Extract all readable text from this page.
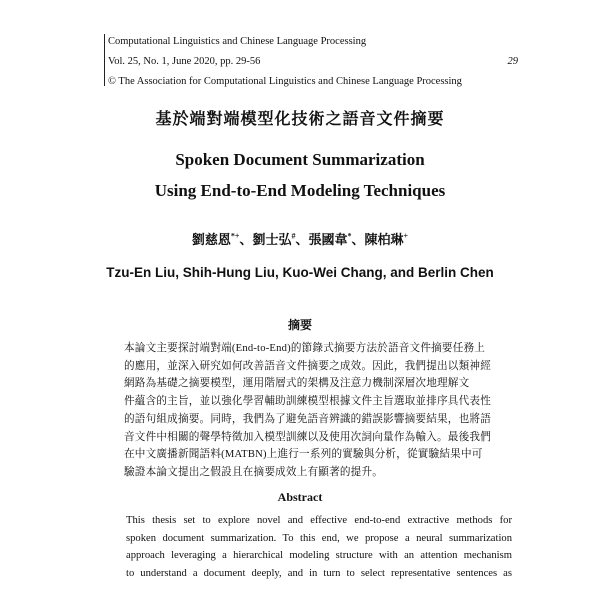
Computational Linguistics and Chinese Language Processing
Vol. 25, No. 1, June 2020, pp. 29-56	29
© The Association for Computational Linguistics and Chinese Language Processing
基於端對端模型化技術之語音文件摘要
Spoken Document Summarization
Using End-to-End Modeling Techniques
劉慈恩*+、劉士弘#、張國韋*、陳柏琳+
Tzu-En Liu, Shih-Hung Liu, Kuo-Wei Chang, and Berlin Chen
摘要
本論文主要探討端對端(End-to-End)的節錄式摘要方法於語音文件摘要任務上
的應用，並深入研究如何改善語音文件摘要之成效。因此，我們提出以類神經
網路為基礎之摘要模型，運用階層式的架構及注意力機制深層次地理解文
件蘊含的主旨，並以強化學習輔助訓練模型根據文件主旨選取並排序具代表性
的語句組成摘要。同時，我們為了避免語音辨識的錯誤影響摘要結果，也將語
音文件中相關的聲學特徵加入模型訓練以及使用次詞向量作為輸入。最後我們
在中文廣播新聞語料(MATBN)上進行一系列的實驗與分析，從實驗結果中可
驗證本論文提出之假設且在摘要成效上有顯著的提升。
Abstract
This thesis set to explore novel and effective end-to-end extractive methods for
spoken document summarization. To this end, we propose a neural summarization
approach leveraging a hierarchical modeling structure with an attention mechanism
to understand a document deeply, and in turn to select representative sentences as
